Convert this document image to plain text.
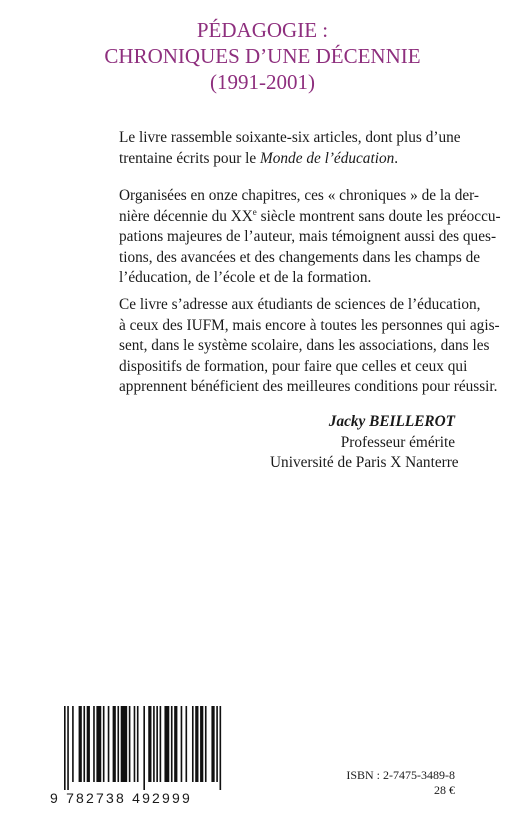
PÉDAGOGIE :
CHRONIQUES D’UNE DÉCENNIE
(1991-2001)

Le livre rassemble soixante-six articles, dont plus d’une
trentaine écrits pour le Monde de l’éducation.

Organisées en onze chapitres, ces « chroniques » de la der-
nière décennie du XXe siècle montrent sans doute les préoccu-
pations majeures de l’auteur, mais témoignent aussi des ques-
tions, des avancées et des changements dans les champs de
l’éducation, de l’école et de la formation.

Ce livre s’adresse aux étudiants de sciences de l’éducation,
à ceux des IUFM, mais encore à toutes les personnes qui agis-
sent, dans le système scolaire, dans les associations, dans les
dispositifs de formation, pour faire que celles et ceux qui
apprennent bénéficient des meilleures conditions pour réussir.

Jacky BEILLEROT
Professeur émérite
Université de Paris X Nanterre
9 782738 492999
ISBN : 2-7475-3489-8
28 €
